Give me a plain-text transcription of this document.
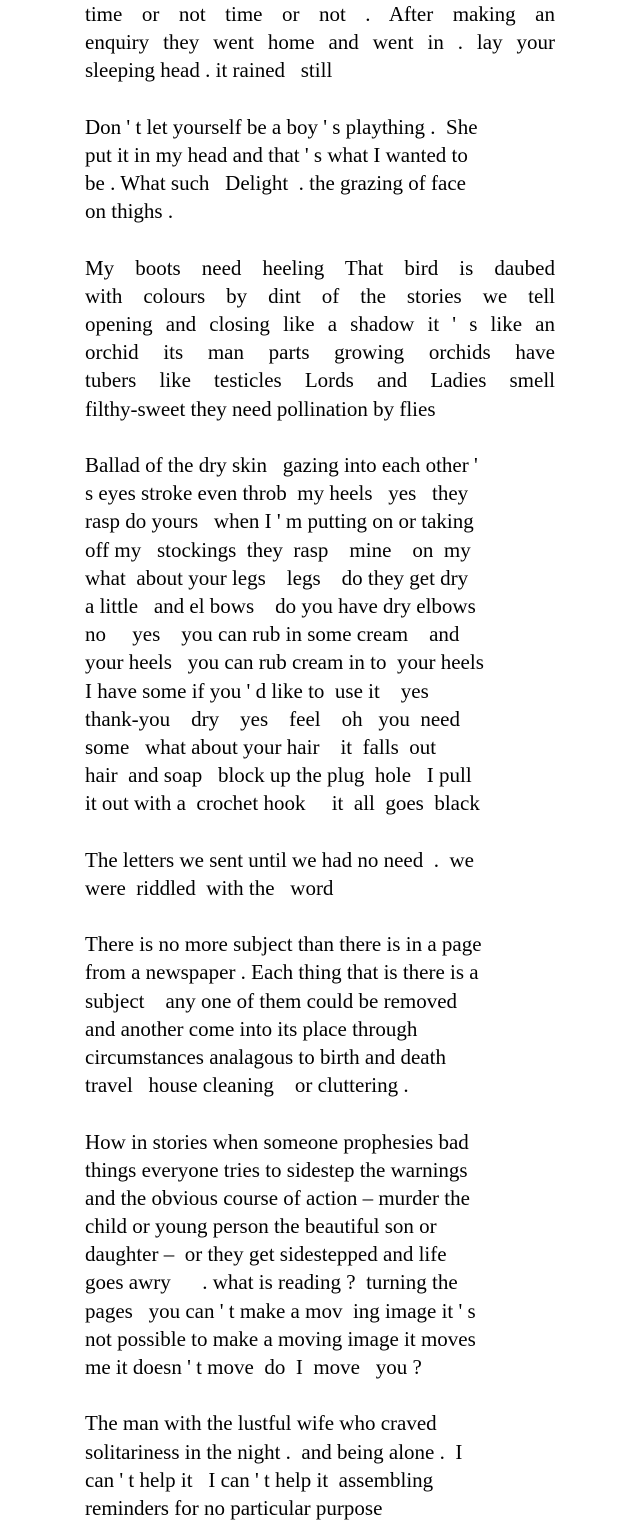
time or not time or not . After making an
enquiry they went home and went in . lay your
sleeping head . it rained   still

Don ' t let yourself be a boy ' s plaything .  She
put it in my head and that ' s what I wanted to
be . What such   Delight  . the grazing of face
on thighs .

My boots need heeling That bird is daubed
with colours by dint of the stories we tell
opening and closing like a shadow it ' s like an
orchid its man parts growing orchids have
tubers like testicles Lords and Ladies smell
filthy-sweet they need pollination by flies

Ballad of the dry skin   gazing into each other '
s eyes stroke even throb  my heels   yes   they
rasp do yours   when I ' m putting on or taking
off my   stockings  they  rasp    mine    on  my
what  about your legs    legs    do they get dry
a little   and el bows    do you have dry elbows
no     yes    you can rub in some cream    and
your heels   you can rub cream in to  your heels
I have some if you ' d like to  use it    yes
thank-you    dry    yes    feel    oh   you  need
some   what about your hair    it  falls  out
hair  and soap   block up the plug  hole   I pull
it out with a  crochet hook     it  all  goes  black

The letters we sent until we had no need  .  we
were  riddled  with the   word

There is no more subject than there is in a page
from a newspaper . Each thing that is there is a
subject    any one of them could be removed
and another come into its place through
circumstances analagous to birth and death
travel   house cleaning    or cluttering .

How in stories when someone prophesies bad
things everyone tries to sidestep the warnings
and the obvious course of action – murder the
child or young person the beautiful son or
daughter –  or they get sidestepped and life
goes awry      . what is reading ?  turning the
pages   you can ' t make a mov  ing image it ' s
not possible to make a moving image it moves
me it doesn ' t move  do  I  move   you ?

The man with the lustful wife who craved
solitariness in the night .  and being alone .  I
can ' t help it   I can ' t help it  assembling
reminders for no particular purpose
